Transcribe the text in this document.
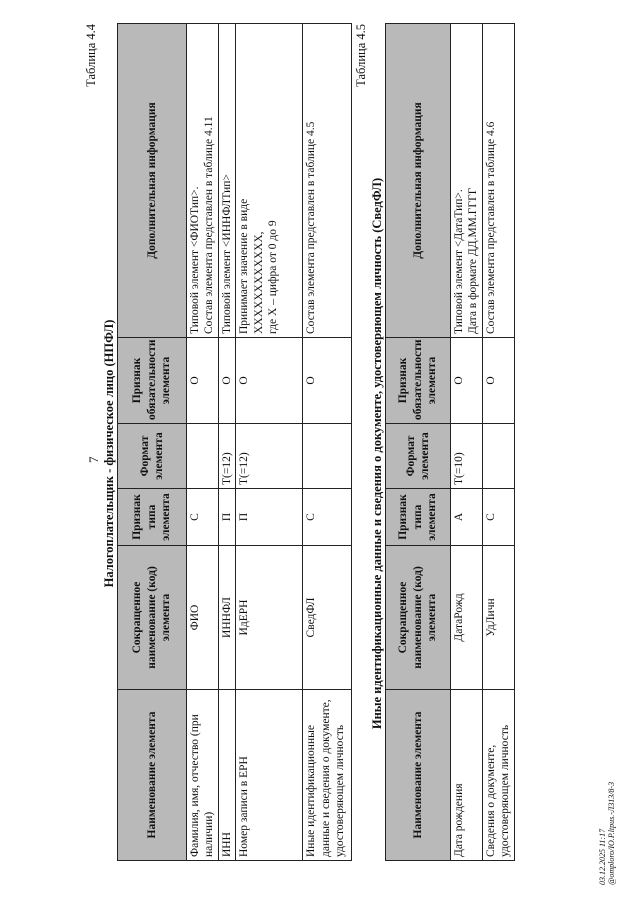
7
Таблица 4.4
Налогоплательщик - физическое лицо (НПФЛ)
Наименование элемента	Сокращенное наименование (код) элемента	Признак типа элемента	Формат элемента	Признак обязательности элемента	Дополнительная информация
Фамилия, имя, отчество (при наличии)	ФИО	С		О	Типовой элемент <ФИОТип>. Состав элемента представлен в таблице 4.11

ИНН	ИННФЛ	П	T(=12)	О	Типовой элемент <ИННФЛТип>

Номер записи в ЕРН	ИдЕРН	П	T(=12)	О	Принимает значение в виде XXXXXXXXXXXX, где X – цифра от 0 до 9

Иные идентификационные данные и сведения о документе, удостоверяющем личность	СведФЛ	С		О	Состав элемента представлен в таблице 4.5
Таблица 4.5
Иные идентификационные данные и сведения о документе, удостоверяющем личность (СведФЛ)
Наименование элемента	Сокращенное наименование (код) элемента	Признак типа элемента	Формат элемента	Признак обязательности элемента	Дополнительная информация
Дата рождения	ДатаРожд	А	T(=10)	О	Типовой элемент <ДатаТип>. Дата в формате ДД.ММ.ГГГГ

Сведения о документе, удостоверяющем личность	УдЛичн	С		О	Состав элемента представлен в таблице 4.6
03.12.2025 11:17 @omploro/IO.P.ltpus.-ЛЗ13/8-3
